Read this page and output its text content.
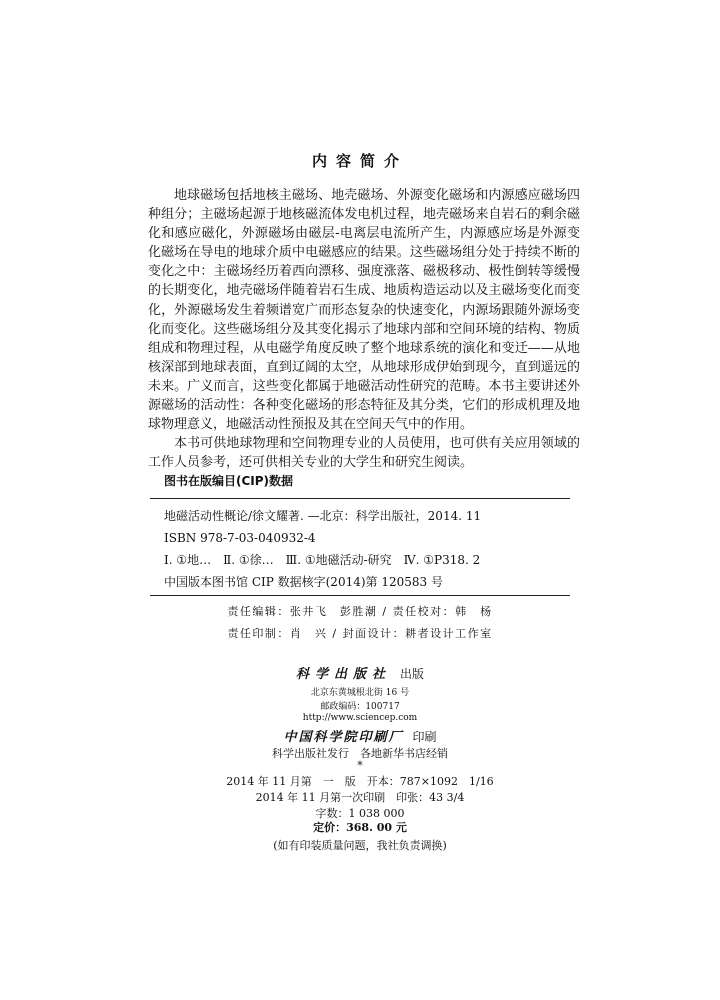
内容简介

地球磁场包括地核主磁场、地壳磁场、外源变化磁场和内源感应磁场四种组分；主磁场起源于地核磁流体发电机过程，地壳磁场来自岩石的剩余磁化和感应磁化，外源磁场由磁层-电离层电流所产生，内源感应场是外源变化磁场在导电的地球介质中电磁感应的结果。这些磁场组分处于持续不断的变化之中：主磁场经历着西向漂移、强度涨落、磁极移动、极性倒转等缓慢的长期变化，地壳磁场伴随着岩石生成、地质构造运动以及主磁场变化而变化，外源磁场发生着频谱宽广而形态复杂的快速变化，内源场跟随外源场变化而变化。这些磁场组分及其变化揭示了地球内部和空间环境的结构、物质组成和物理过程，从电磁学角度反映了整个地球系统的演化和变迁——从地核深部到地球表面，直到辽阔的太空，从地球形成伊始到现今，直到遥远的未来。广义而言，这些变化都属于地磁活动性研究的范畴。本书主要讲述外源磁场的活动性：各种变化磁场的形态特征及其分类，它们的形成机理及地球物理意义，地磁活动性预报及其在空间天气中的作用。

本书可供地球物理和空间物理专业的人员使用，也可供有关应用领域的工作人员参考，还可供相关专业的大学生和研究生阅读。

图书在版编目(CIP)数据
地磁活动性概论/徐文耀著. —北京：科学出版社，2014. 11
ISBN 978-7-03-040932-4
Ⅰ. ①地…　Ⅱ. ①徐…　Ⅲ. ①地磁活动-研究　Ⅳ. ①P318. 2
中国版本图书馆 CIP 数据核字(2014)第 120583 号
责任编辑：张井飞　彭胜潮 / 责任校对：韩　杨
责任印制：肖　兴 / 封面设计：耕者设计工作室
科学出版社 出版
北京东黄城根北街 16 号
邮政编码：100717
http://www.sciencep.com
中国科学院印刷厂 印刷
科学出版社发行　各地新华书店经销
*
2014 年 11 月第　一　版　开本：787×1092　1/16
2014 年 11 月第一次印刷　印张：43 3/4
字数：1 038 000
定价：368. 00 元
(如有印装质量问题，我社负责调换)
